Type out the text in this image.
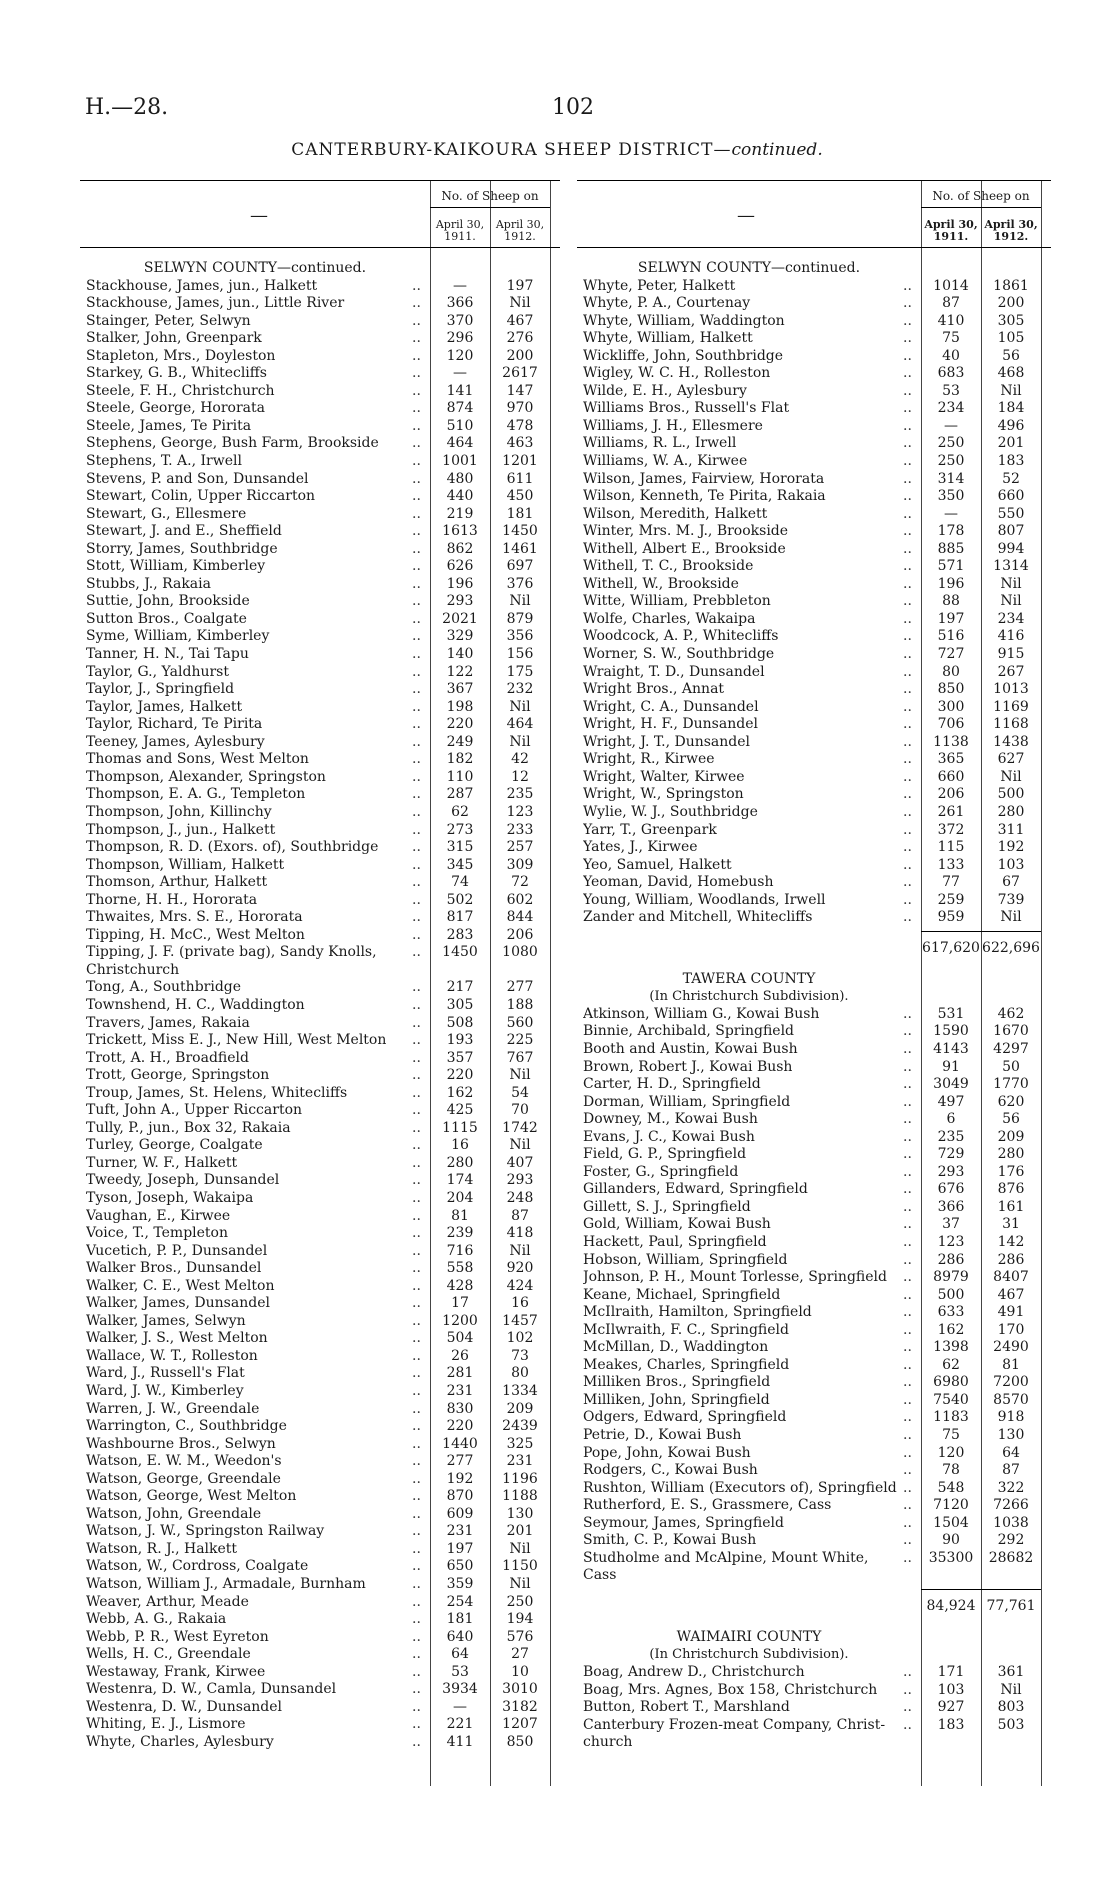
H.—28.	102
CANTERBURY-KAIKOURA SHEEP DISTRICT—continued.
—
No. of Sheep on
April 30, 1911.
April 30, 1912.
SELWYN COUNTY—continued.
Stackhouse, James, jun., Halkett	..	—	197
Stackhouse, James, jun., Little River	..	366	Nil
Stainger, Peter, Selwyn	..	370	467
Stalker, John, Greenpark	..	296	276
Stapleton, Mrs., Doyleston	..	120	200
Starkey, G. B., Whitecliffs	..	—	2617
Steele, F. H., Christchurch	..	141	147
Steele, George, Hororata	..	874	970
Steele, James, Te Pirita	..	510	478
Stephens, George, Bush Farm, Brookside	..	464	463
Stephens, T. A., Irwell	..	1001	1201
Stevens, P. and Son, Dunsandel	..	480	611
Stewart, Colin, Upper Riccarton	..	440	450
Stewart, G., Ellesmere	..	219	181
Stewart, J. and E., Sheffield	..	1613	1450
Storry, James, Southbridge	..	862	1461
Stott, William, Kimberley	..	626	697
Stubbs, J., Rakaia	..	196	376
Suttie, John, Brookside	..	293	Nil
Sutton Bros., Coalgate	..	2021	879
Syme, William, Kimberley	..	329	356
Tanner, H. N., Tai Tapu	..	140	156
Taylor, G., Yaldhurst	..	122	175
Taylor, J., Springfield	..	367	232
Taylor, James, Halkett	..	198	Nil
Taylor, Richard, Te Pirita	..	220	464
Teeney, James, Aylesbury	..	249	Nil
Thomas and Sons, West Melton	..	182	42
Thompson, Alexander, Springston	..	110	12
Thompson, E. A. G., Templeton	..	287	235
Thompson, John, Killinchy	..	62	123
Thompson, J., jun., Halkett	..	273	233
Thompson, R. D. (Exors. of), Southbridge	..	315	257
Thompson, William, Halkett	..	345	309
Thomson, Arthur, Halkett	..	74	72
Thorne, H. H., Hororata	..	502	602
Thwaites, Mrs. S. E., Hororata	..	817	844
Tipping, H. McC., West Melton	..	283	206
Tipping, J. F. (private bag), Sandy Knolls,	..	1450	1080
Christchurch
Tong, A., Southbridge	..	217	277
Townshend, H. C., Waddington	..	305	188
Travers, James, Rakaia	..	508	560
Trickett, Miss E. J., New Hill, West Melton	..	193	225
Trott, A. H., Broadfield	..	357	767
Trott, George, Springston	..	220	Nil
Troup, James, St. Helens, Whitecliffs	..	162	54
Tuft, John A., Upper Riccarton	..	425	70
Tully, P., jun., Box 32, Rakaia	..	1115	1742
Turley, George, Coalgate	..	16	Nil
Turner, W. F., Halkett	..	280	407
Tweedy, Joseph, Dunsandel	..	174	293
Tyson, Joseph, Wakaipa	..	204	248
Vaughan, E., Kirwee	..	81	87
Voice, T., Templeton	..	239	418
Vucetich, P. P., Dunsandel	..	716	Nil
Walker Bros., Dunsandel	..	558	920
Walker, C. E., West Melton	..	428	424
Walker, James, Dunsandel	..	17	16
Walker, James, Selwyn	..	1200	1457
Walker, J. S., West Melton	..	504	102
Wallace, W. T., Rolleston	..	26	73
Ward, J., Russell's Flat	..	281	80
Ward, J. W., Kimberley	..	231	1334
Warren, J. W., Greendale	..	830	209
Warrington, C., Southbridge	..	220	2439
Washbourne Bros., Selwyn	..	1440	325
Watson, E. W. M., Weedon's	..	277	231
Watson, George, Greendale	..	192	1196
Watson, George, West Melton	..	870	1188
Watson, John, Greendale	..	609	130
Watson, J. W., Springston Railway	..	231	201
Watson, R. J., Halkett	..	197	Nil
Watson, W., Cordross, Coalgate	..	650	1150
Watson, William J., Armadale, Burnham	..	359	Nil
Weaver, Arthur, Meade	..	254	250
Webb, A. G., Rakaia	..	181	194
Webb, P. R., West Eyreton	..	640	576
Wells, H. C., Greendale	..	64	27
Westaway, Frank, Kirwee	..	53	10
Westenra, D. W., Camla, Dunsandel	..	3934	3010
Westenra, D. W., Dunsandel	..	—	3182
Whiting, E. J., Lismore	..	221	1207
Whyte, Charles, Aylesbury	..	411	850
—
No. of Sheep on
April 30, 1911.
April 30, 1912.
SELWYN COUNTY—continued.
Whyte, Peter, Halkett	..	1014	1861
Whyte, P. A., Courtenay	..	87	200
Whyte, William, Waddington	..	410	305
Whyte, William, Halkett	..	75	105
Wickliffe, John, Southbridge	..	40	56
Wigley, W. C. H., Rolleston	..	683	468
Wilde, E. H., Aylesbury	..	53	Nil
Williams Bros., Russell's Flat	..	234	184
Williams, J. H., Ellesmere	..	—	496
Williams, R. L., Irwell	..	250	201
Williams, W. A., Kirwee	..	250	183
Wilson, James, Fairview, Hororata	..	314	52
Wilson, Kenneth, Te Pirita, Rakaia	..	350	660
Wilson, Meredith, Halkett	..	—	550
Winter, Mrs. M. J., Brookside	..	178	807
Withell, Albert E., Brookside	..	885	994
Withell, T. C., Brookside	..	571	1314
Withell, W., Brookside	..	196	Nil
Witte, William, Prebbleton	..	88	Nil
Wolfe, Charles, Wakaipa	..	197	234
Woodcock, A. P., Whitecliffs	..	516	416
Worner, S. W., Southbridge	..	727	915
Wraight, T. D., Dunsandel	..	80	267
Wright Bros., Annat	..	850	1013
Wright, C. A., Dunsandel	..	300	1169
Wright, H. F., Dunsandel	..	706	1168
Wright, J. T., Dunsandel	..	1138	1438
Wright, R., Kirwee	..	365	627
Wright, Walter, Kirwee	..	660	Nil
Wright, W., Springston	..	206	500
Wylie, W. J., Southbridge	..	261	280
Yarr, T., Greenpark	..	372	311
Yates, J., Kirwee	..	115	192
Yeo, Samuel, Halkett	..	133	103
Yeoman, David, Homebush	..	77	67
Young, William, Woodlands, Irwell	..	259	739
Zander and Mitchell, Whitecliffs	..	959	Nil
617,620 622,696
TAWERA COUNTY
(In Christchurch Subdivision).
Atkinson, William G., Kowai Bush	..	531	462
Binnie, Archibald, Springfield	..	1590	1670
Booth and Austin, Kowai Bush	..	4143	4297
Brown, Robert J., Kowai Bush	..	91	50
Carter, H. D., Springfield	..	3049	1770
Dorman, William, Springfield	..	497	620
Downey, M., Kowai Bush	..	6	56
Evans, J. C., Kowai Bush	..	235	209
Field, G. P., Springfield	..	729	280
Foster, G., Springfield	..	293	176
Gillanders, Edward, Springfield	..	676	876
Gillett, S. J., Springfield	..	366	161
Gold, William, Kowai Bush	..	37	31
Hackett, Paul, Springfield	..	123	142
Hobson, William, Springfield	..	286	286
Johnson, P. H., Mount Torlesse, Springfield	..	8979	8407
Keane, Michael, Springfield	..	500	467
McIlraith, Hamilton, Springfield	..	633	491
McIlwraith, F. C., Springfield	..	162	170
McMillan, D., Waddington	..	1398	2490
Meakes, Charles, Springfield	..	62	81
Milliken Bros., Springfield	..	6980	7200
Milliken, John, Springfield	..	7540	8570
Odgers, Edward, Springfield	..	1183	918
Petrie, D., Kowai Bush	..	75	130
Pope, John, Kowai Bush	..	120	64
Rodgers, C., Kowai Bush	..	78	87
Rushton, William (Executors of), Springfield ..	548	322
Rutherford, E. S., Grassmere, Cass	..	7120	7266
Seymour, James, Springfield	..	1504	1038
Smith, C. P., Kowai Bush	..	90	292
Studholme and McAlpine, Mount White,	..	35300	28682
Cass
84,924 77,761
WAIMAIRI COUNTY
(In Christchurch Subdivision).
Boag, Andrew D., Christchurch	..	171	361
Boag, Mrs. Agnes, Box 158, Christchurch	..	103	Nil
Button, Robert T., Marshland	..	927	803
Canterbury Frozen-meat Company, Christ-	..	183	503
church
